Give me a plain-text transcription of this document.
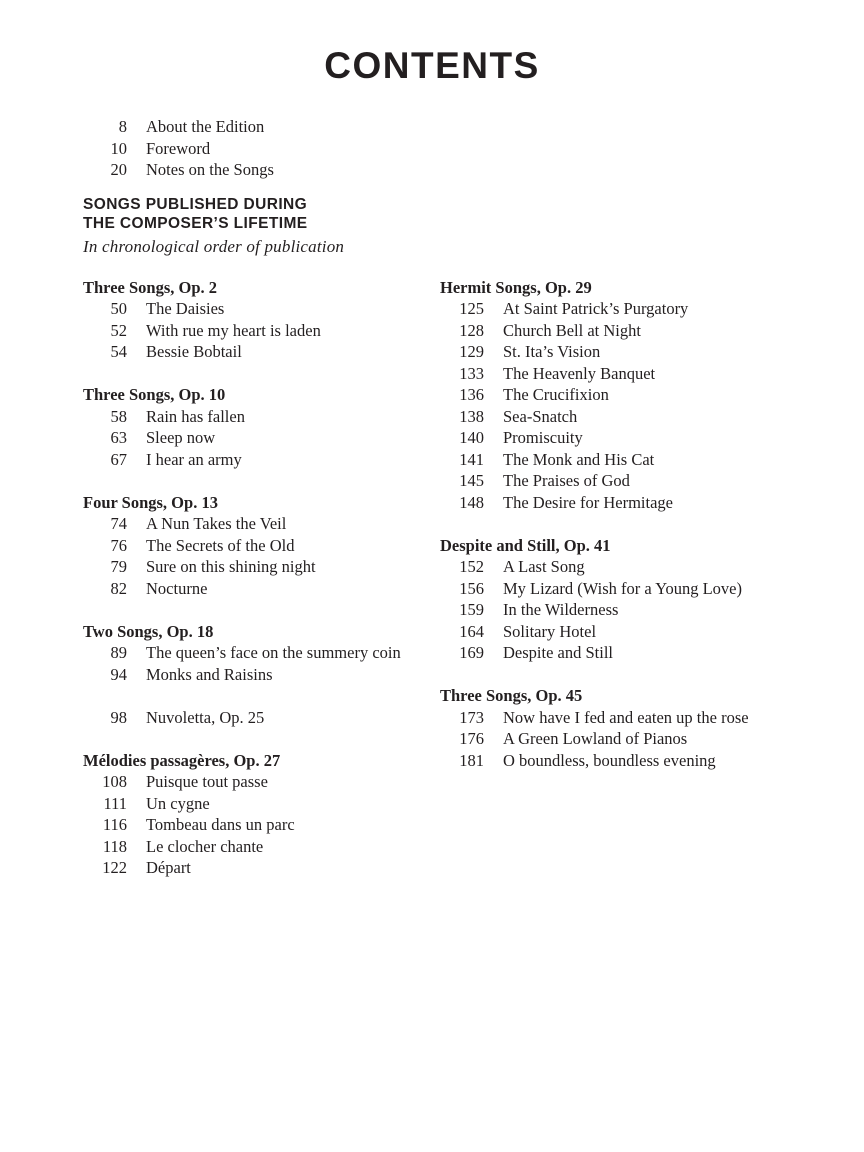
CONTENTS
8 About the Edition
10 Foreword
20 Notes on the Songs
SONGS PUBLISHED DURING
THE COMPOSER’S LIFETIME
In chronological order of publication
Three Songs, Op. 2
50 The Daisies
52 With rue my heart is laden
54 Bessie Bobtail
Three Songs, Op. 10
58 Rain has fallen
63 Sleep now
67 I hear an army
Four Songs, Op. 13
74 A Nun Takes the Veil
76 The Secrets of the Old
79 Sure on this shining night
82 Nocturne
Two Songs, Op. 18
89 The queen’s face on the summery coin
94 Monks and Raisins
98 Nuvoletta, Op. 25
Mélodies passagères, Op. 27
108 Puisque tout passe
111 Un cygne
116 Tombeau dans un parc
118 Le clocher chante
122 Départ
Hermit Songs, Op. 29
125 At Saint Patrick’s Purgatory
128 Church Bell at Night
129 St. Ita’s Vision
133 The Heavenly Banquet
136 The Crucifixion
138 Sea-Snatch
140 Promiscuity
141 The Monk and His Cat
145 The Praises of God
148 The Desire for Hermitage
Despite and Still, Op. 41
152 A Last Song
156 My Lizard (Wish for a Young Love)
159 In the Wilderness
164 Solitary Hotel
169 Despite and Still
Three Songs, Op. 45
173 Now have I fed and eaten up the rose
176 A Green Lowland of Pianos
181 O boundless, boundless evening
